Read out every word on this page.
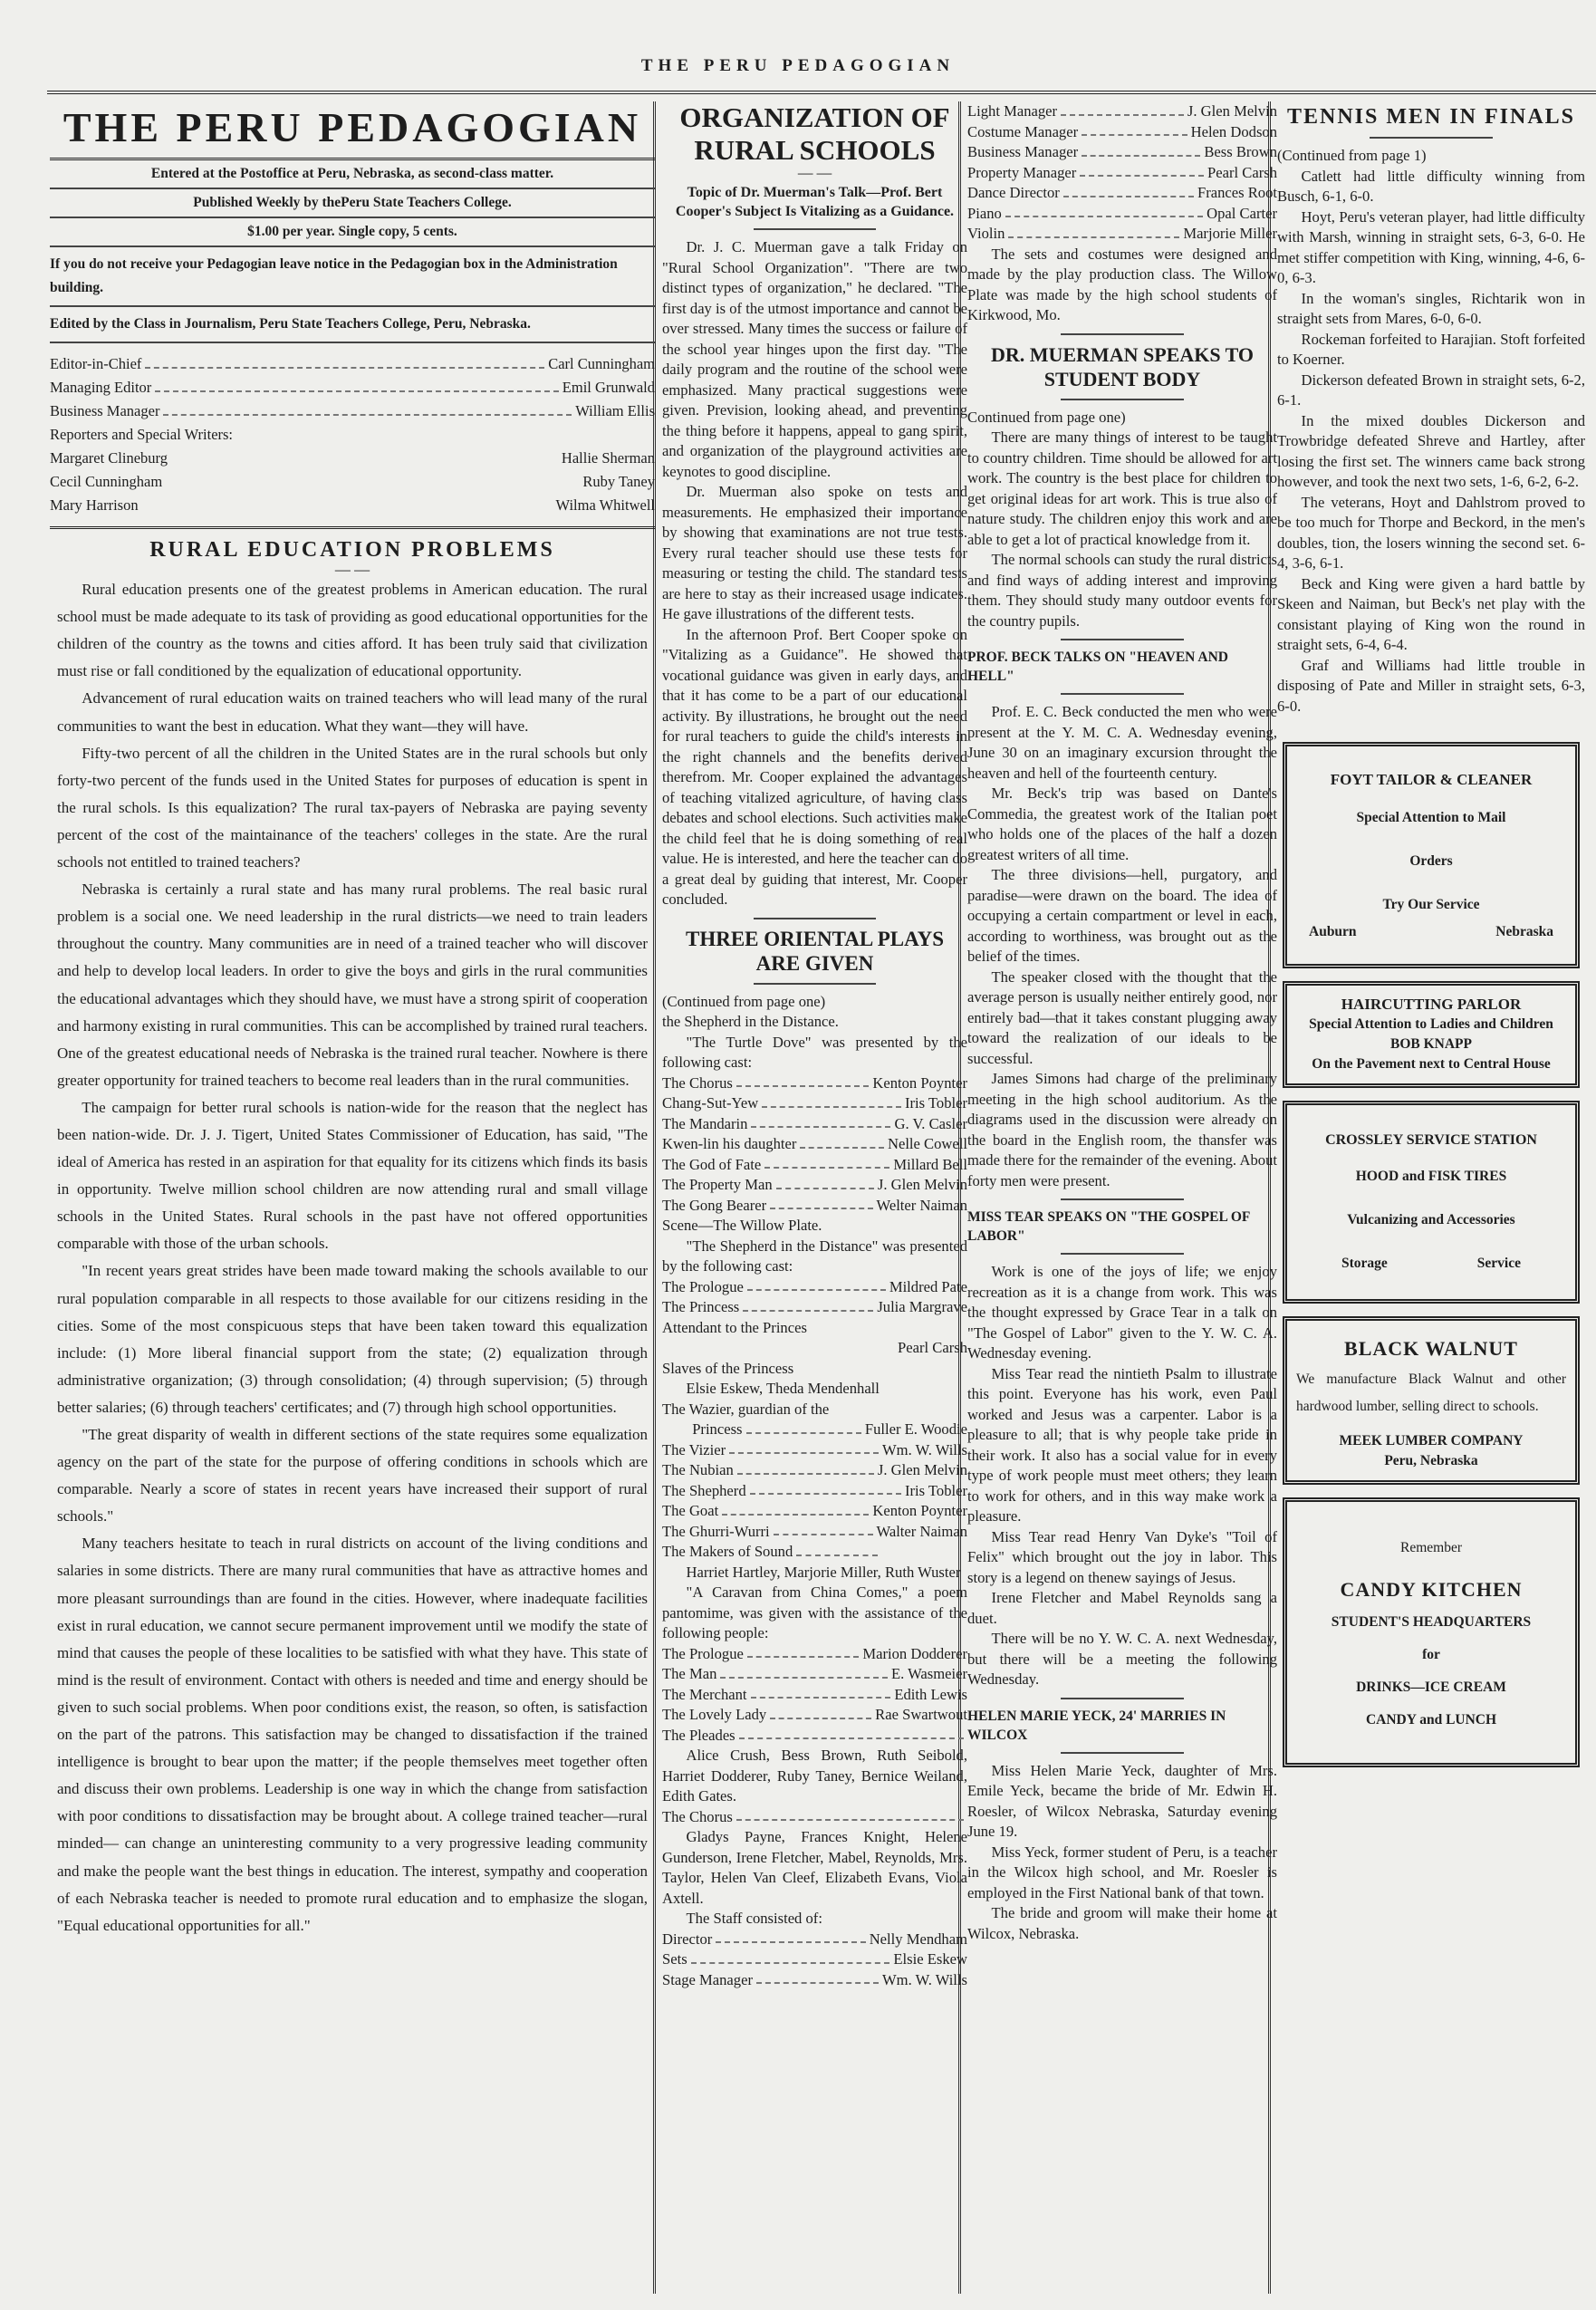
THE PERU PEDAGOGIAN
THE PERU PEDAGOGIAN
Entered at the Postoffice at Peru, Nebraska, as second-class matter.
Published Weekly by thePeru State Teachers College.
$1.00 per year. Single copy, 5 cents.
If you do not receive your Pedagogian leave notice in the Pedagogian box in the Administration building.
Edited by the Class in Journalism, Peru State Teachers College, Peru, Nebraska.
Editor-in-Chief	Carl Cunningham
Managing Editor	Emil Grunwald
Business Manager	William Ellis
Reporters and Special Writers:
Margaret Clineburg	Hallie Sherman
Cecil Cunningham	Ruby Taney
Mary Harrison	Wilma Whitwell
RURAL EDUCATION PROBLEMS
— —

Rural education presents one of the greatest problems in American education. The rural school must be made adequate to its task of providing as good educational opportunities for the children of the country as the towns and cities afford. It has been truly said that civilization must rise or fall conditioned by the equalization of educational opportunity.

Advancement of rural education waits on trained teachers who will lead many of the rural communities to want the best in education. What they want—they will have.

Fifty-two percent of all the children in the United States are in the rural schools but only forty-two percent of the funds used in the United States for purposes of education is spent in the rural schols. Is this equalization? The rural tax-payers of Nebraska are paying seventy percent of the cost of the maintainance of the teachers' colleges in the state. Are the rural schools not entitled to trained teachers?

Nebraska is certainly a rural state and has many rural problems. The real basic rural problem is a social one. We need leadership in the rural districts—we need to train leaders throughout the country. Many communities are in need of a trained teacher who will discover and help to develop local leaders. In order to give the boys and girls in the rural communities the educational advantages which they should have, we must have a strong spirit of cooperation and harmony existing in rural communities. This can be accomplished by trained rural teachers. One of the greatest educational needs of Nebraska is the trained rural teacher. Nowhere is there greater opportunity for trained teachers to become real leaders than in the rural communities.

The campaign for better rural schools is nation-wide for the reason that the neglect has been nation-wide. Dr. J. J. Tigert, United States Commissioner of Education, has said, "The ideal of America has rested in an aspiration for that equality for its citizens which finds its basis in opportunity. Twelve million school children are now attending rural and small village schools in the United States. Rural schools in the past have not offered opportunities comparable with those of the urban schools.

"In recent years great strides have been made toward making the schools available to our rural population comparable in all respects to those available for our citizens residing in the cities. Some of the most conspicuous steps that have been taken toward this equalization include: (1) More liberal financial support from the state; (2) equalization through administrative organization; (3) through consolidation; (4) through supervision; (5) through better salaries; (6) through teachers' certificates; and (7) through high school opportunities.

"The great disparity of wealth in different sections of the state requires some equalization agency on the part of the state for the purpose of offering conditions in schools which are comparable. Nearly a score of states in recent years have increased their support of rural schools."

Many teachers hesitate to teach in rural districts on account of the living conditions and salaries in some districts. There are many rural communities that have as attractive homes and more pleasant surroundings than are found in the cities. However, where inadequate facilities exist in rural education, we cannot secure permanent improvement until we modify the state of mind that causes the people of these localities to be satisfied with what they have. This state of mind is the result of environment. Contact with others is needed and time and energy should be given to such social problems. When poor conditions exist, the reason, so often, is satisfaction on the part of the patrons. This satisfaction may be changed to dissatisfaction if the trained intelligence is brought to bear upon the matter; if the people themselves meet together often and discuss their own problems. Leadership is one way in which the change from satisfaction with poor conditions to dissatisfaction may be brought about. A college trained teacher—rural minded— can change an uninteresting community to a very progressive leading community and make the people want the best things in education. The interest, sympathy and cooperation of each Nebraska teacher is needed to promote rural education and to emphasize the slogan, "Equal educational opportunities for all."

ORGANIZATION OF RURAL SCHOOLS
— —
Topic of Dr. Muerman's Talk—Prof. Bert Cooper's Subject Is Vitalizing as a Guidance.

Dr. J. C. Muerman gave a talk Friday on "Rural School Organization". "There are two distinct types of organization," he declared. "The first day is of the utmost importance and cannot be over stressed. Many times the success or failure of the school year hinges upon the first day. "The daily program and the routine of the school were emphasized. Many practical suggestions were given. Prevision, looking ahead, and preventing the thing before it happens, appeal to gang spirit, and organization of the playground activities are keynotes to good discipline.

Dr. Muerman also spoke on tests and measurements. He emphasized their importance by showing that examinations are not true tests. Every rural teacher should use these tests for measuring or testing the child. The standard tests are here to stay as their increased usage indicates. He gave illustrations of the different tests.

In the afternoon Prof. Bert Cooper spoke on "Vitalizing as a Guidance". He showed that vocational guidance was given in early days, and that it has come to be a part of our educational activity. By illustrations, he brought out the need for rural teachers to guide the child's interests in the right channels and the benefits derived therefrom. Mr. Cooper explained the advantages of teaching vitalized agriculture, of having class debates and school elections. Such activities make the child feel that he is doing something of real value. He is interested, and here the teacher can do a great deal by guiding that interest, Mr. Cooper concluded.

THREE ORIENTAL PLAYS ARE GIVEN

(Continued from page one)

the Shepherd in the Distance.

"The Turtle Dove" was presented by the following cast:

The Chorus	Kenton Poynter
Chang-Sut-Yew	Iris Tobler
The Mandarin	G. V. Casler
Kwen-lin his daughter	Nelle Cowell
The God of Fate	Millard Bell
The Property Man	J. Glen Melvin
The Gong Bearer	Welter Naiman

Scene—The Willow Plate.

"The Shepherd in the Distance" was presented by the following cast:

The Prologue	Mildred Pate
The Princess	Julia Margrave

Attendant to the Princes

Pearl Carsh

Slaves of the Princess

Elsie Eskew, Theda Mendenhall

The Wazier, guardian of the

Princess	Fuller E. Woodie
The Vizier	Wm. W. Wills
The Nubian	J. Glen Melvin
The Shepherd	Iris Tobler
The Goat	Kenton Poynter
The Ghurri-Wurri	Walter Naiman
The Makers of Sound

Harriet Hartley, Marjorie Miller, Ruth Wuster

"A Caravan from China Comes," a poem pantomime, was given with the assistance of the following people:

The Prologue	Marion Dodderer
The Man	E. Wasmeier
The Merchant	Edith Lewis
The Lovely Lady	Rae Swartwout
The Pleades

Alice Crush, Bess Brown, Ruth Seibold, Harriet Dodderer, Ruby Taney, Bernice Weiland, Edith Gates.

The Chorus

Gladys Payne, Frances Knight, Helene Gunderson, Irene Fletcher, Mabel, Reynolds, Mrs. Taylor, Helen Van Cleef, Elizabeth Evans, Viola Axtell.

The Staff consisted of:

Director	Nelly Mendham
Sets	Elsie Eskew
Stage Manager	Wm. W. Wills
Light Manager	J. Glen Melvin
Costume Manager	Helen Dodson
Business Manager	Bess Brown
Property Manager	Pearl Carsh
Dance Director	Frances Root
Piano	Opal Carter
Violin	Marjorie Miller

The sets and costumes were designed and made by the play production class. The Willow Plate was made by the high school students of Kirkwood, Mo.

DR. MUERMAN SPEAKS TO STUDENT BODY

Continued from page one)

There are many things of interest to be taught to country children. Time should be allowed for art work. The country is the best place for children to get original ideas for art work. This is true also of nature study. The children enjoy this work and are able to get a lot of practical knowledge from it.

The normal schools can study the rural districts and find ways of adding interest and improving them. They should study many outdoor events for the country pupils.

PROF. BECK TALKS ON "HEAVEN AND HELL"

Prof. E. C. Beck conducted the men who were present at the Y. M. C. A. Wednesday evening, June 30 on an imaginary excursion throught the heaven and hell of the fourteenth century.

Mr. Beck's trip was based on Dante's Commedia, the greatest work of the Italian poet who holds one of the places of the half a dozen greatest writers of all time.

The three divisions—hell, purgatory, and paradise—were drawn on the board. The idea of occupying a certain compartment or level in each, according to worthiness, was brought out as the belief of the times.

The speaker closed with the thought that the average person is usually neither entirely good, nor entirely bad—that it takes constant plugging away toward the realization of our ideals to be successful.

James Simons had charge of the preliminary meeting in the high school auditorium. As the diagrams used in the discussion were already on the board in the English room, the thansfer was made there for the remainder of the evening. About forty men were present.

MISS TEAR SPEAKS ON "THE GOSPEL OF LABOR"

Work is one of the joys of life; we enjoy recreation as it is a change from work. This was the thought expressed by Grace Tear in a talk on "The Gospel of Labor" given to the Y. W. C. A. Wednesday evening.

Miss Tear read the nintieth Psalm to illustrate this point. Everyone has his work, even Paul worked and Jesus was a carpenter. Labor is a pleasure to all; that is why people take pride in their work. It also has a social value for in every type of work people must meet others; they learn to work for others, and in this way make work a pleasure.

Miss Tear read Henry Van Dyke's "Toil of Felix" which brought out the joy in labor. This story is a legend on thenew sayings of Jesus.

Irene Fletcher and Mabel Reynolds sang a duet.

There will be no Y. W. C. A. next Wednesday, but there will be a meeting the following Wednesday.

HELEN MARIE YECK, 24' MARRIES IN WILCOX

Miss Helen Marie Yeck, daughter of Mrs. Emile Yeck, became the bride of Mr. Edwin H. Roesler, of Wilcox Nebraska, Saturday evening June 19.

Miss Yeck, former student of Peru, is a teacher in the Wilcox high school, and Mr. Roesler is employed in the First National bank of that town.

The bride and groom will make their home at Wilcox, Nebraska.

TENNIS MEN IN FINALS

(Continued from page 1)

Catlett had little difficulty winning from Busch, 6-1, 6-0.

Hoyt, Peru's veteran player, had little difficulty with Marsh, winning in straight sets, 6-3, 6-0. He met stiffer competition with King, winning, 4-6, 6-0, 6-3.

In the woman's singles, Richtarik won in straight sets from Mares, 6-0, 6-0.

Rockeman forfeited to Harajian. Stoft forfeited to Koerner.

Dickerson defeated Brown in straight sets, 6-2, 6-1.

In the mixed doubles Dickerson and Trowbridge defeated Shreve and Hartley, after losing the first set. The winners came back strong however, and took the next two sets, 1-6, 6-2, 6-2.

The veterans, Hoyt and Dahlstrom proved to be too much for Thorpe and Beckord, in the men's doubles, tion, the losers winning the second set. 6-4, 3-6, 6-1.

Beck and King were given a hard battle by Skeen and Naiman, but Beck's net play with the consistant playing of King won the round in straight sets, 6-4, 6-4.

Graf and Williams had little trouble in disposing of Pate and Miller in straight sets, 6-3, 6-0.

FOYT TAILOR & CLEANER
Special Attention to Mail
Orders
Try Our Service
Auburn	Nebraska
HAIRCUTTING PARLOR
Special Attention to Ladies and Children
BOB KNAPP
On the Pavement next to Central House
CROSSLEY SERVICE STATION
HOOD and FISK TIRES
Vulcanizing and Accessories
Storage	Service
BLACK WALNUT
We manufacture Black Walnut and other hardwood lumber, selling direct to schools.
MEEK LUMBER COMPANY
Peru, Nebraska
Remember
CANDY KITCHEN
STUDENT'S HEADQUARTERS
for
DRINKS—ICE CREAM
CANDY and LUNCH
